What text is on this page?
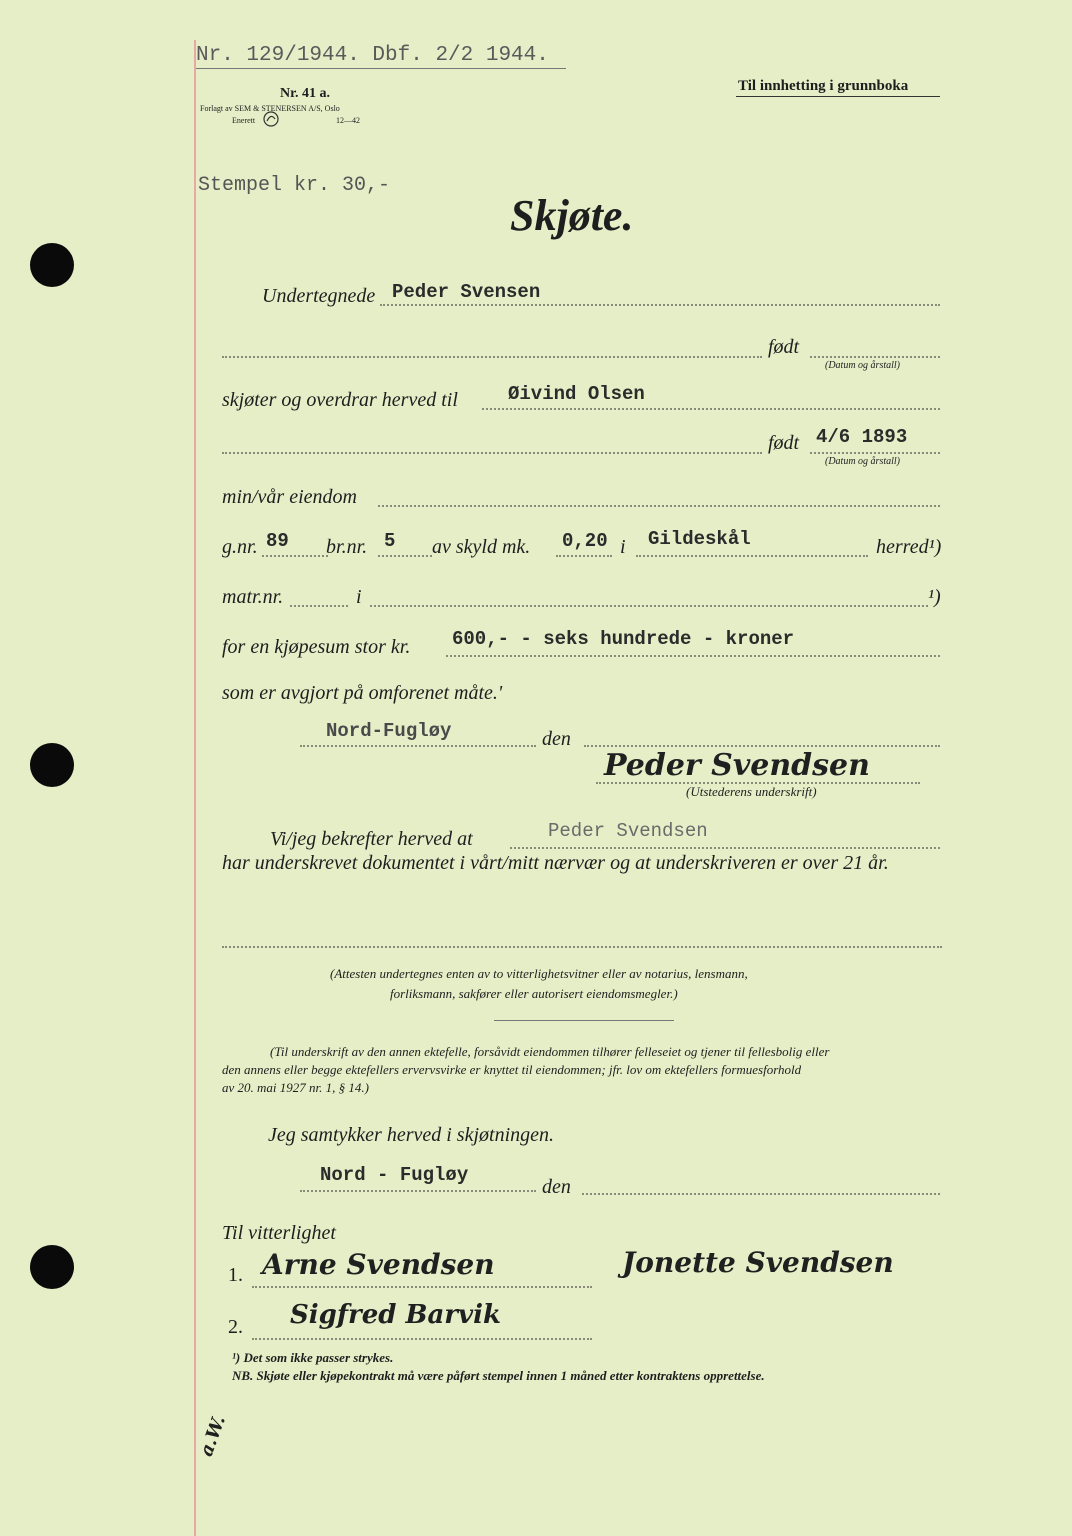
Nr. 129/1944. Dbf. 2/2 1944.
Til innhetting i grunnboka
Nr. 41 a.
Forlagt av SEM & STENERSEN A/S, Oslo
Enerett	12—42
Stempel kr. 30,-
Skjøte.
Undertegnede Peder Svensen
født
(Datum og årstall)
skjøter og overdrar herved til	Øivind Olsen
født 4/6 1893
(Datum og årstall)
min/vår eiendom
g.nr. 89 br.nr. 5 av skyld mk. 0,20 i Gildeskål	herred¹)
matr.nr.	i	¹)
for en kjøpesum stor kr. 600,- - seks hundrede - kroner
som er avgjort på omforenet måte.'
Nord-Fugløy	den
Peder Svendsen
(Utstederens underskrift)
Vi/jeg bekrefter herved at	Peder Svendsen
har underskrevet dokumentet i vårt/mitt nærvær og at underskriveren er over 21 år.
(Attesten undertegnes enten av to vitterlighetsvitner eller av notarius, lensmann,
forliksmann, sakfører eller autorisert eiendomsmegler.)
(Til underskrift av den annen ektefelle, forsåvidt eiendommen tilhører felleseiet og tjener til fellesbolig eller
den annens eller begge ektefellers ervervsvirke er knyttet til eiendommen; jfr. lov om ektefellers formuesforhold
av 20. mai 1927 nr. 1, § 14.)
Jeg samtykker herved i skjøtningen.
Nord - Fugløy
den
Til vitterlighet
1. Arne Svendsen	Jonette Svendsen
2. Sigfred Barvik
¹) Det som ikke passer strykes.
NB. Skjøte eller kjøpekontrakt må være påført stempel innen 1 måned etter kontraktens opprettelse.
a.W.
